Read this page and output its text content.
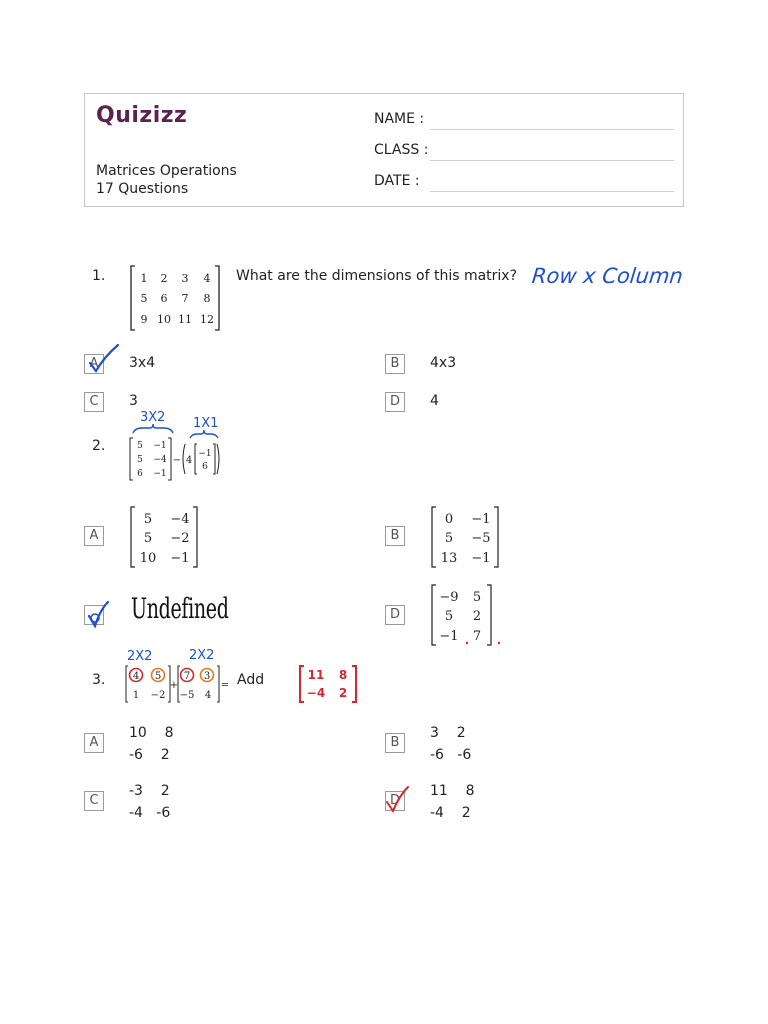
Quizizz
Matrices Operations
17 Questions
NAME :
CLASS :
DATE :
1.	1 2 3 4
5 6 7 8
9 10 11 12
What are the dimensions of this matrix? Row x Column
A	3x4	B	4x3
C	3	D	4
2.
3X2 1X1
5 −1
5 −4
6 −1
− 4
−1
6
A
5 −4
5 −2
10 −1
B
0 −1
5 −5
13 −1
Undefined	D
−9 5
5 2
−1 7
3.
2X2	2X2
4 5
1 −2
+
7 3
−5 4
= Add	11 8
−4 2
A
10    8
-6    2
B
3    2
-6   -6
C
-3    2
-4   -6
D
11    8
-4    2
